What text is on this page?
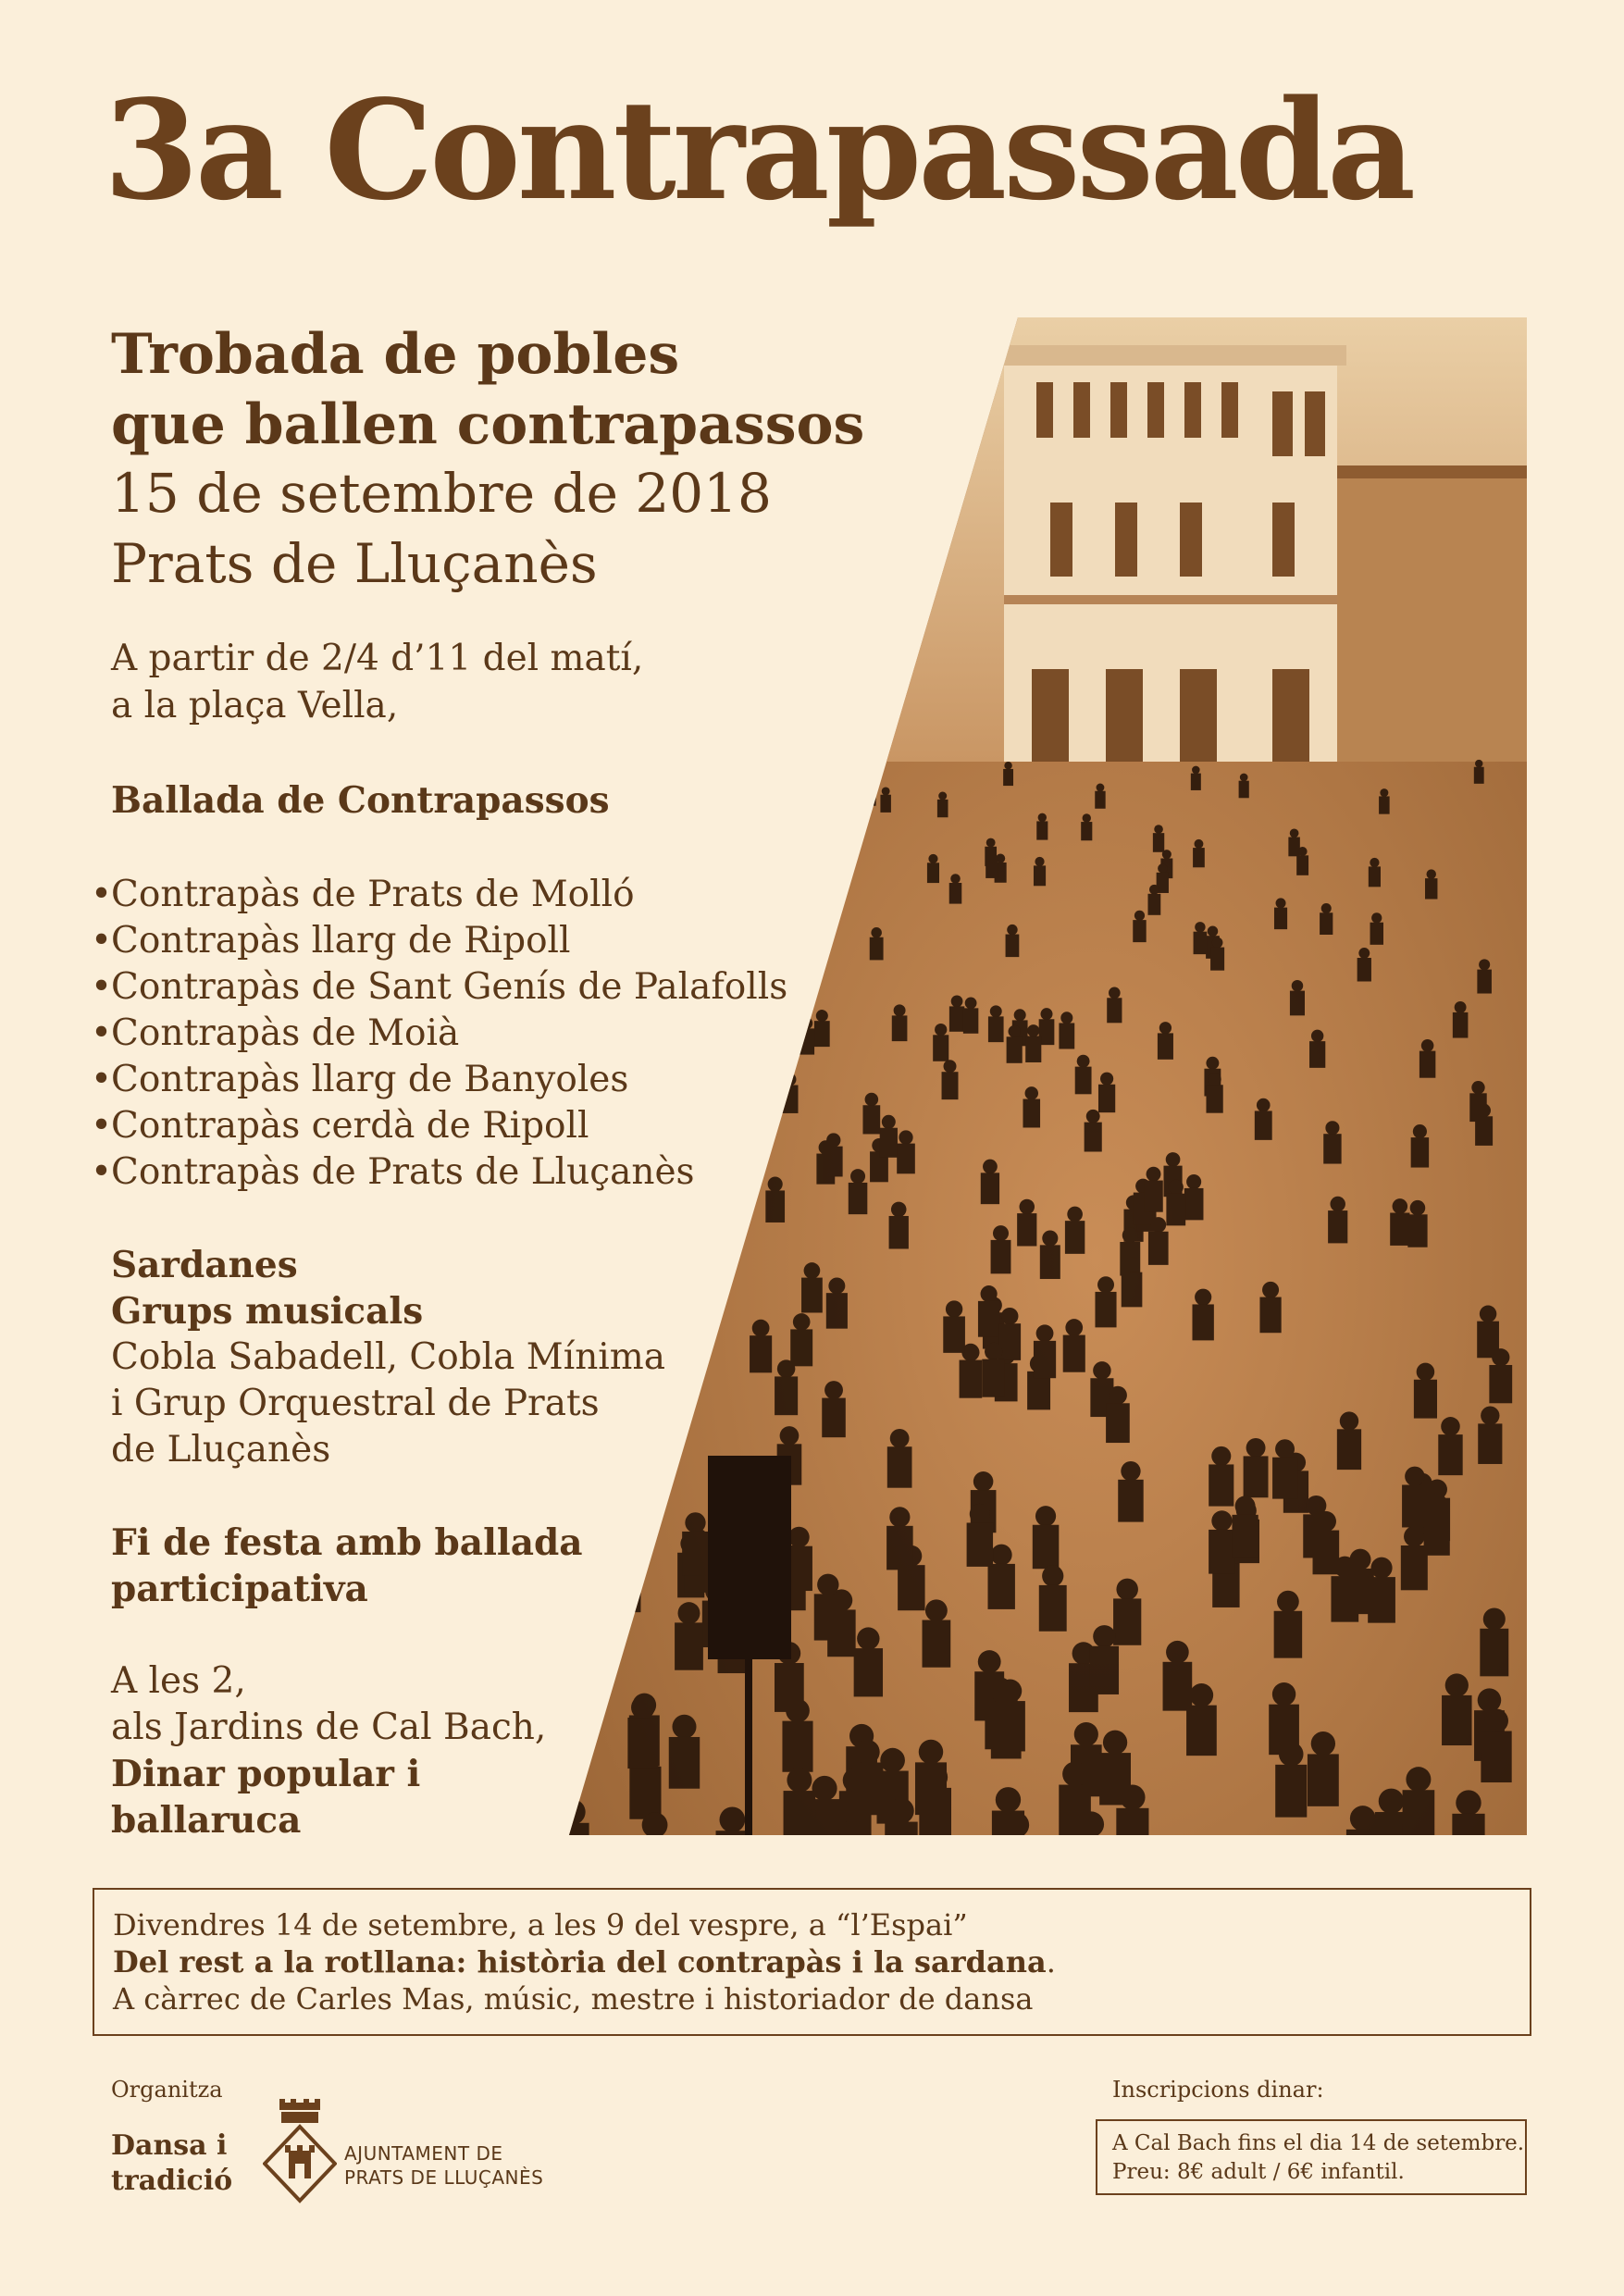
3a Contrapassada
Trobada de pobles
que ballen contrapassos
15 de setembre de 2018
Prats de Lluçanès
A partir de 2/4 d’11 del matí,
a la plaça Vella,
Ballada de Contrapassos
•Contrapàs de Prats de Molló
•Contrapàs llarg de Ripoll
•Contrapàs de Sant Genís de Palafolls
•Contrapàs de Moià
•Contrapàs llarg de Banyoles
•Contrapàs cerdà de Ripoll
•Contrapàs de Prats de Lluçanès
Sardanes
Grups musicals
Cobla Sabadell, Cobla Mínima
i Grup Orquestral de Prats
de Lluçanès
Fi de festa amb ballada
participativa
A les 2,
als Jardins de Cal Bach,
Dinar popular i
ballaruca
Divendres 14 de setembre, a les 9 del vespre, a “l’Espai”
Del rest a la rotllana: història del contrapàs i la sardana.
A càrrec de Carles Mas, músic, mestre i historiador de dansa
Organitza
Dansa i
tradició
AJUNTAMENT DE
PRATS DE LLUÇANÈS
Inscripcions dinar:
A Cal Bach fins el dia 14 de setembre.
Preu: 8€ adult / 6€ infantil.
